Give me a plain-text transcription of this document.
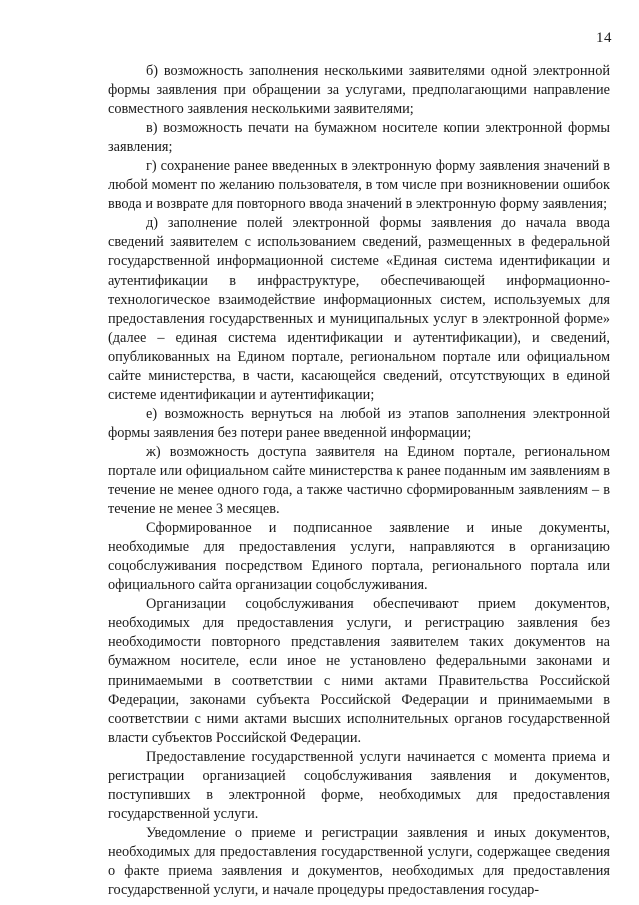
14

б) возможность заполнения несколькими заявителями одной электронной формы заявления при обращении за услугами, предполагающими направление совместного заявления несколькими заявителями;

в) возможность печати на бумажном носителе копии электронной формы заявления;

г) сохранение ранее введенных в электронную форму заявления значений в любой момент по желанию пользователя, в том числе при возникновении ошибок ввода и возврате для повторного ввода значений в электронную форму заявления;

д) заполнение полей электронной формы заявления до начала ввода сведений заявителем с использованием сведений, размещенных в федеральной государственной информационной системе «Единая система идентификации и аутентификации в инфраструктуре, обеспечивающей информационно-технологическое взаимодействие информационных систем, используемых для предоставления государственных и муниципальных услуг в электронной форме» (далее – единая система идентификации и аутентификации), и сведений, опубликованных на Едином портале, региональном портале или официальном сайте министерства, в части, касающейся сведений, отсутствующих в единой системе идентификации и аутентификации;

е) возможность вернуться на любой из этапов заполнения электронной формы заявления без потери ранее введенной информации;

ж) возможность доступа заявителя на Едином портале, региональном портале или официальном сайте министерства к ранее поданным им заявлениям в течение не менее одного года, а также частично сформированным заявлениям – в течение не менее 3 месяцев.

Сформированное и подписанное заявление и иные документы, необходимые для предоставления услуги, направляются в организацию соцобслуживания посредством Единого портала, регионального портала или официального сайта организации соцобслуживания.

Организации соцобслуживания обеспечивают прием документов, необходимых для предоставления услуги, и регистрацию заявления без необходимости повторного представления заявителем таких документов на бумажном носителе, если иное не установлено федеральными законами и принимаемыми в соответствии с ними актами Правительства Российской Федерации, законами субъекта Российской Федерации и принимаемыми в соответствии с ними актами высших исполнительных органов государственной власти субъектов Российской Федерации.

Предоставление государственной услуги начинается с момента приема и регистрации организацией соцобслуживания заявления и документов, поступивших в электронной форме, необходимых для предоставления государственной услуги.

Уведомление о приеме и регистрации заявления и иных документов, необходимых для предоставления государственной услуги, содержащее сведения о факте приема заявления и документов, необходимых для предоставления государственной услуги, и начале процедуры предоставления государ-
